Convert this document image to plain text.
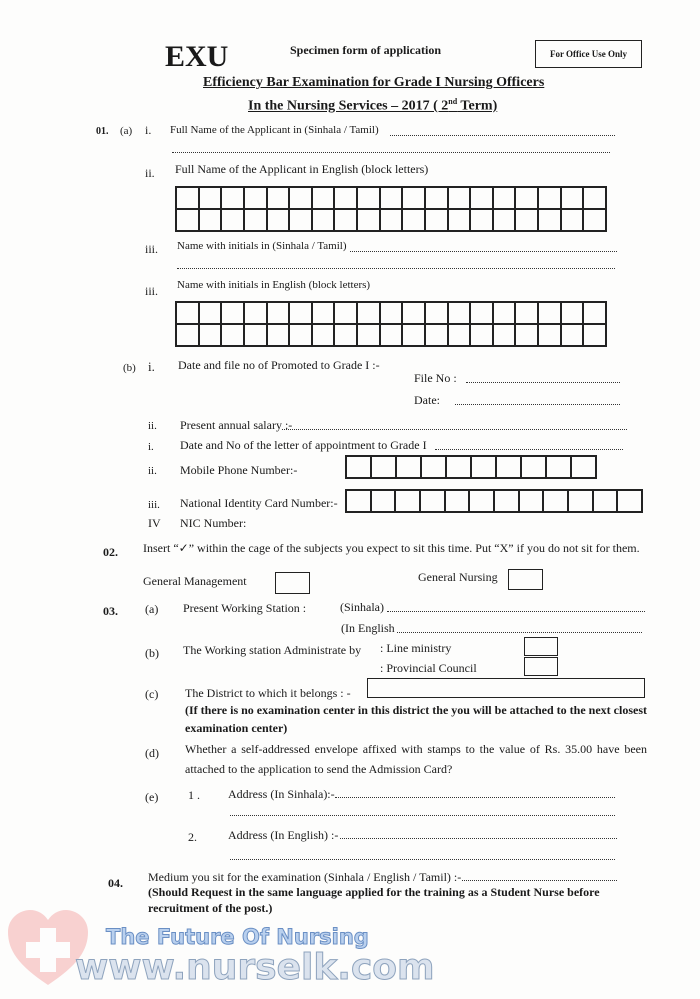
EXU	Specimen form of application	For Office Use Only
Efficiency Bar Examination for Grade I Nursing Officers
In the Nursing Services – 2017 ( 2nd Term)
01. (a) i. Full Name of the Applicant in (Sinhala / Tamil)
ii. Full Name of the Applicant in English (block letters)
iii. Name with initials in (Sinhala / Tamil)
iii. Name with initials in English (block letters)
(b) i. Date and file no of Promoted to Grade I :-
File No :
Date:
ii. Present annual salary :-
i. Date and No of the letter of appointment to Grade I
ii. Mobile Phone Number:-
iii. National Identity Card Number:-
IV NIC Number:
02. Insert “✓” within the cage of the subjects you expect to sit this time. Put “X” if you do not sit for them.
General Management	General Nursing
03. (a) Present Working Station :	(Sinhala)
(In English
(b) The Working station Administrate by : Line ministry
: Provincial Council
(c) The District to which it belongs : -
(If there is no examination center in this district the you will be attached to the next closest examination center)
(d) Whether a self-addressed envelope affixed with stamps to the value of Rs. 35.00 have been attached to the application to send the Admission Card?
(e) 1 . Address (In Sinhala):-
2.	Address (In English) :-
04. Medium you sit for the examination (Sinhala / English / Tamil) :-
(Should Request in the same language applied for the training as a Student Nurse before recruitment of the post.)
The Future Of Nursing
www.nurselk.com
